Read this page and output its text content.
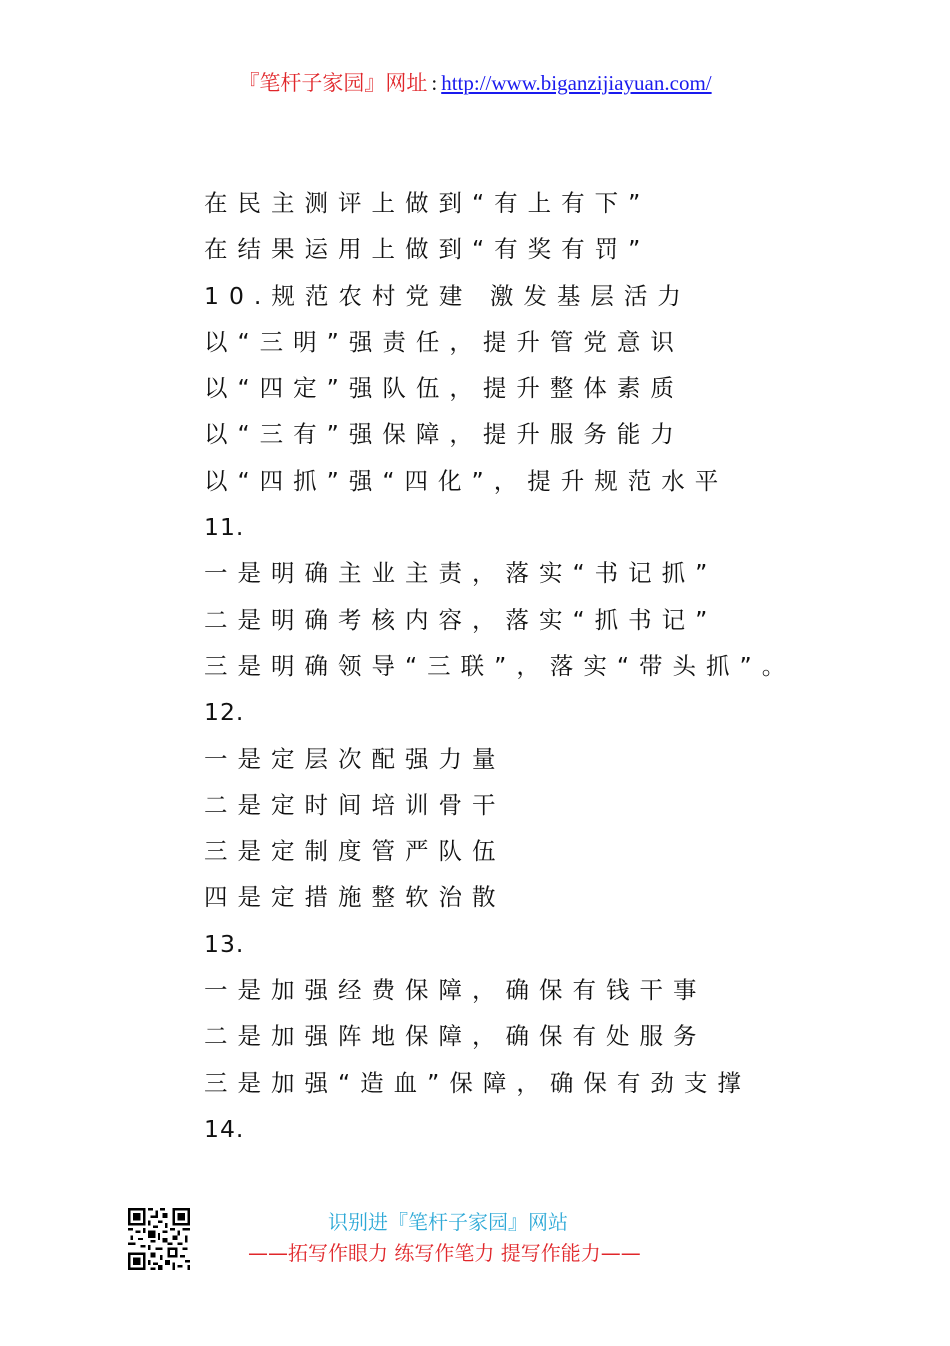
『笔杆子家园』网址 : http://www.biganzijiayuan.com/
在民主测评上做到“有上有下”
在结果运用上做到“有奖有罚”
10.规范农村党建 激发基层活力
以“三明”强责任，提升管党意识
以“四定”强队伍，提升整体素质
以“三有”强保障，提升服务能力
以“四抓”强“四化”，提升规范水平
11.
一是明确主业主责，落实“书记抓”
二是明确考核内容，落实“抓书记”
三是明确领导“三联”，落实“带头抓”。
12.
一是定层次配强力量
二是定时间培训骨干
三是定制度管严队伍
四是定措施整软治散
13.
一是加强经费保障，确保有钱干事
二是加强阵地保障，确保有处服务
三是加强“造血”保障，确保有劲支撑
14.
识别进『笔杆子家园』网站
——拓写作眼力 练写作笔力 提写作能力——
